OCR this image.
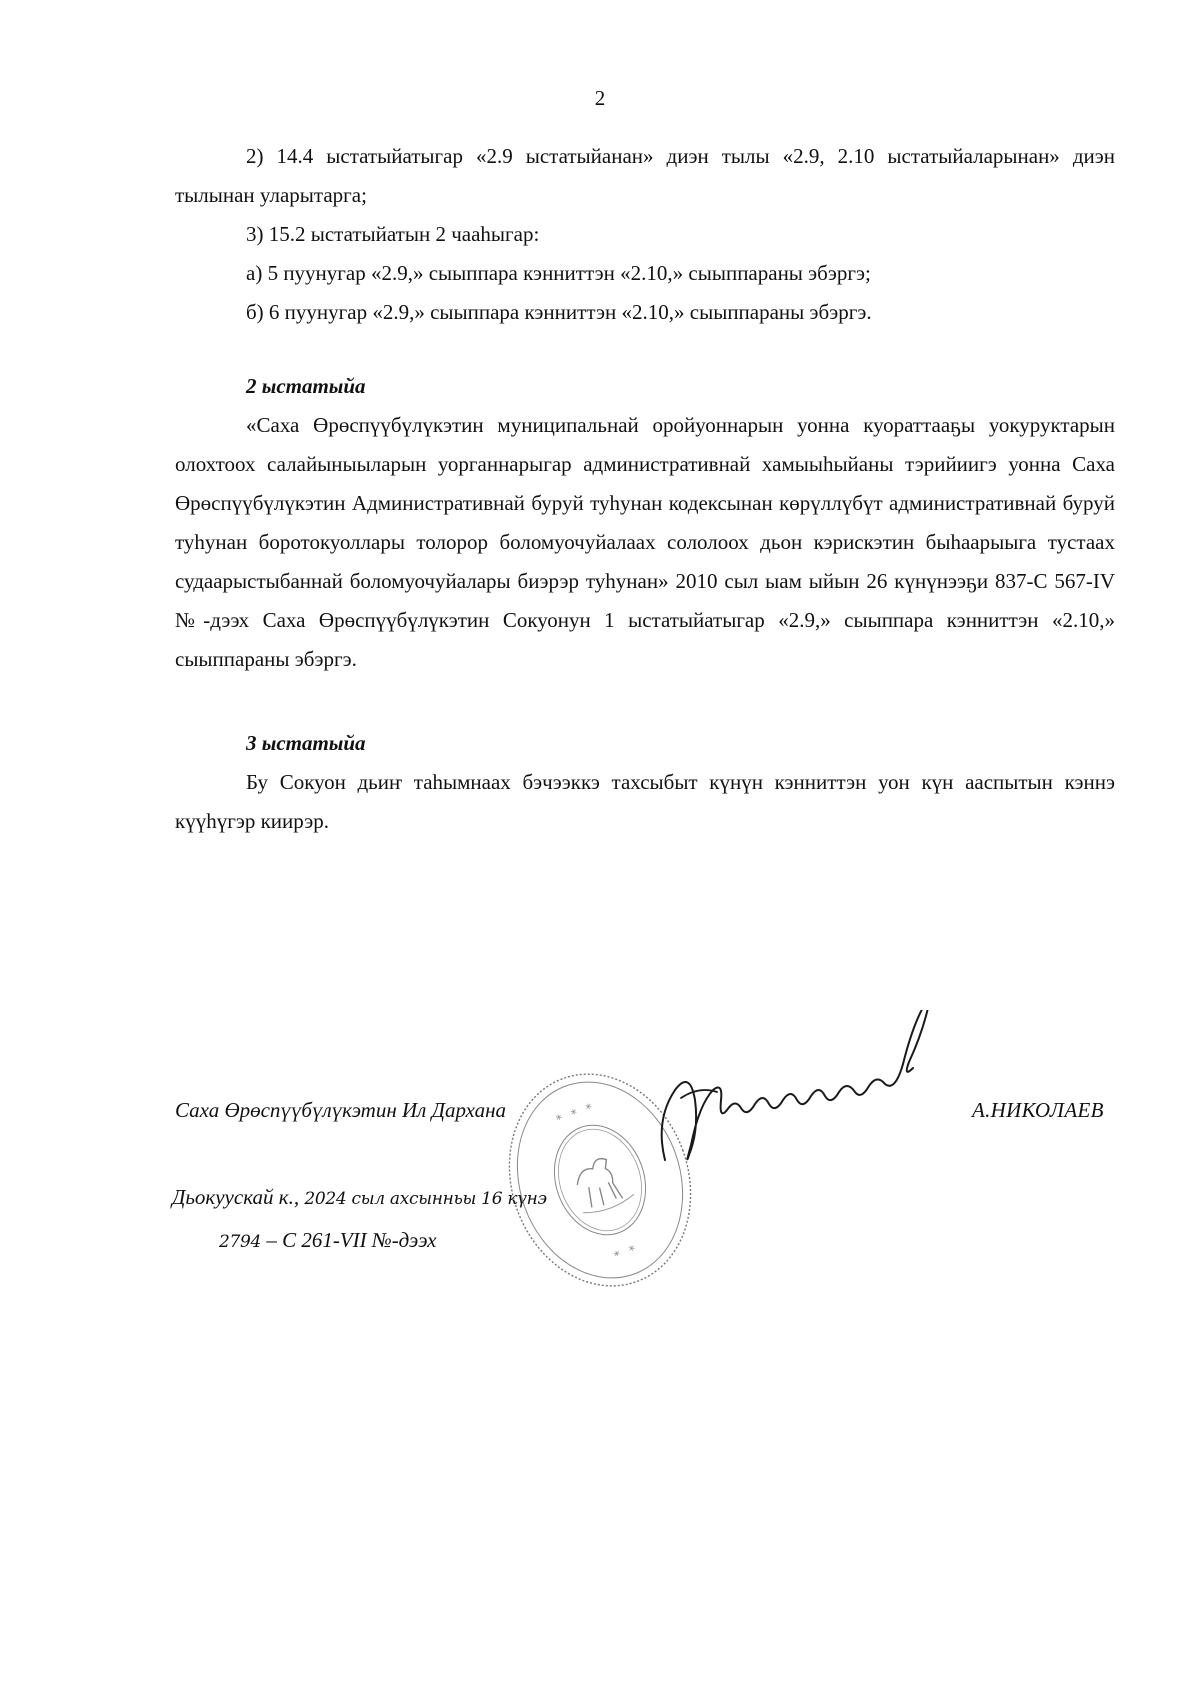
2

2) 14.4 ыстатыйатыгар «2.9 ыстатыйанан» диэн тылы «2.9, 2.10 ыстатыйаларынан» диэн тылынан уларытарга;

3) 15.2 ыстатыйатын 2 чааһыгар:

а) 5 пуунугар «2.9,» сыыппара кэнниттэн «2.10,» сыыппараны эбэргэ;

б) 6 пуунугар «2.9,» сыыппара кэнниттэн «2.10,» сыыппараны эбэргэ.

2 ыстатыйа

«Саха Өрөспүүбүлүкэтин муниципальнай оройуоннарын уонна куораттааҕы уокуруктарын олохтоох салайыныыларын уорганнарыгар административнай хамыыһыйаны тэрийиигэ уонна Саха Өрөспүүбүлүкэтин Административнай буруй туһунан кодексынан көрүллүбүт административнай буруй туһунан боротокуоллары толорор боломуочуйалаах сололоох дьон кэрискэтин быһаарыыга тустаах судаарыстыбаннай боломуочуйалары биэрэр туһунан» 2010 сыл ыам ыйын 26 күнүнээҕи 837-С 567-IV №-дээх Саха Өрөспүүбүлүкэтин Сокуонун 1 ыстатыйатыгар «2.9,» сыыппара кэнниттэн «2.10,» сыыппараны эбэргэ.

3 ыстатыйа

Бу Сокуон дьиҥ таһымнаах бэчээккэ тахсыбыт күнүн кэнниттэн уон күн ааспытын кэннэ күүһүгэр киирэр.

* * *
* *
Саха Өрөспүүбүлүкэтин Ил Дархана	А.НИКОЛАЕВ
Дьокуускай к., 2024 сыл ахсынньы 16 күнэ
2794 – С 261-VII №-дээх
